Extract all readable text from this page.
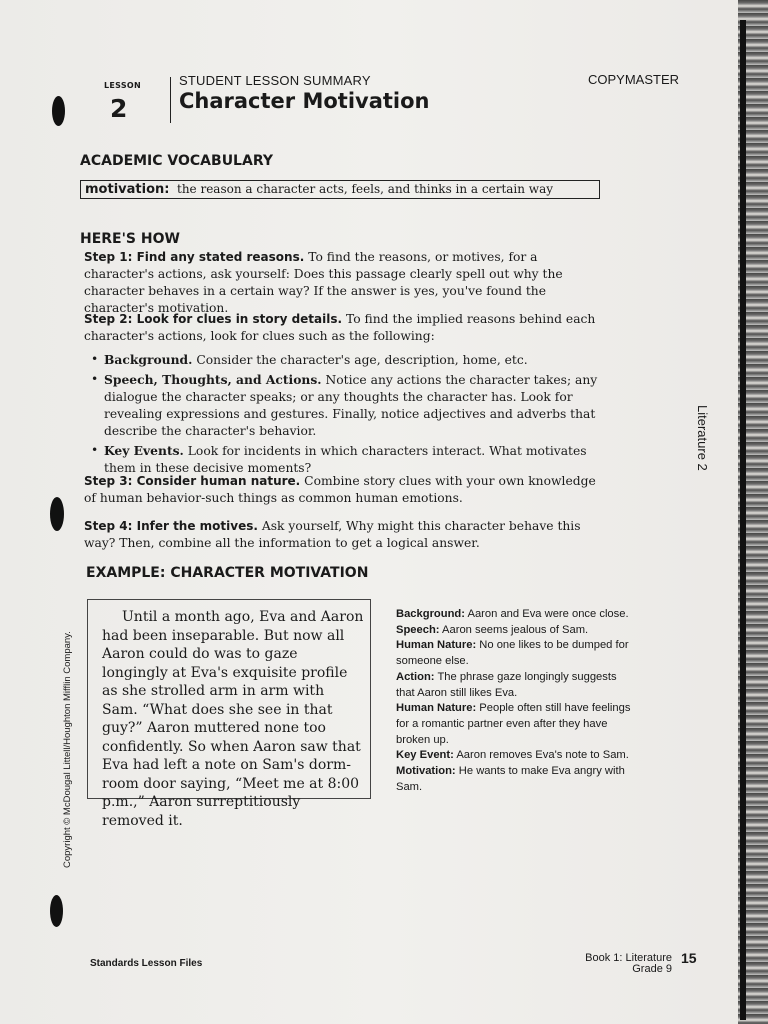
LESSON
2
STUDENT LESSON SUMMARY
Character Motivation
COPYMASTER
ACADEMIC VOCABULARY
motivation: the reason a character acts, feels, and thinks in a certain way
HERE'S HOW
Step 1: Find any stated reasons. To find the reasons, or motives, for a character's actions, ask yourself: Does this passage clearly spell out why the character behaves in a certain way? If the answer is yes, you've found the character's motivation.
Step 2: Look for clues in story details. To find the implied reasons behind each character's actions, look for clues such as the following:
• Background. Consider the character's age, description, home, etc.
• Speech, Thoughts, and Actions. Notice any actions the character takes; any dialogue the character speaks; or any thoughts the character has. Look for revealing expressions and gestures. Finally, notice adjectives and adverbs that describe the character's behavior.
• Key Events. Look for incidents in which characters interact. What motivates them in these decisive moments?
Step 3: Consider human nature. Combine story clues with your own knowledge of human behavior-such things as common human emotions.
Step 4: Infer the motives. Ask yourself, Why might this character behave this way? Then, combine all the information to get a logical answer.
EXAMPLE: CHARACTER MOTIVATION
Until a month ago, Eva and Aaron had been inseparable. But now all Aaron could do was to gaze longingly at Eva's exquisite profile as she strolled arm in arm with Sam. “What does she see in that guy?” Aaron muttered none too confidently. So when Aaron saw that Eva had left a note on Sam's dorm-room door saying, “Meet me at 8:00 p.m.,” Aaron surreptitiously removed it.
Background: Aaron and Eva were once close.
Speech: Aaron seems jealous of Sam.
Human Nature: No one likes to be dumped for someone else.
Action: The phrase gaze longingly suggests that Aaron still likes Eva.
Human Nature: People often still have feelings for a romantic partner even after they have broken up.
Key Event: Aaron removes Eva's note to Sam.
Motivation: He wants to make Eva angry with Sam.
Literature 2
Copyright © McDougal Littell/Houghton Mifflin Company.
Standards Lesson Files	Book 1: Literature
Grade 9
15
